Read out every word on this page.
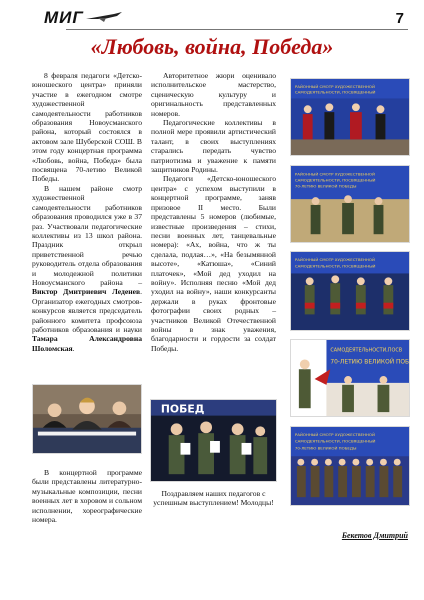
МИГ	7
«Любовь, война, Победа»

8 февраля педагоги «Детско-юношеского центра» приняли участие в ежегодном смотре художественной самодеятельности работников образования Новоусманского района, который состоялся в актовом зале Шуберской СОШ. В этом году концертная программа «Любовь, война, Победа» была посвящена 70-летию Великой Победы.

В нашем районе смотр художественной самодеятельности работников образования проводился уже в 37 раз. Участвовали педагогические коллективы из 13 школ района. Праздник открыл приветственной речью руководитель отдела образования и молодежной политики Новоусманского района – Виктор Дмитриевич Леденев. Организатор ежегодных смотров-конкурсов является председатель районного комитета профсоюза работников образования и науки Тамара Александровна Шоломская.

В концертной программе были представлены литературно-музыкальные композиции, песни военных лет в хоровом и сольном исполнении, хореографические номера.

Авторитетное жюри оценивало исполнительское мастерство, сценическую культуру и оригинальность представленных номеров.

Педагогические коллективы в полной мере проявили артистический талант, в своих выступлениях старались передать чувство патриотизма и уважение к памяти защитников Родины.

Педагоги «Детско-юношеского центра» с успехом выступили в концертной программе, заняв призовое II место. Были представлены 5 номеров (любимые, известные произведения – стихи, песни военных лет, танцевальные номера): «Ах, война, что ж ты сделала, подлая…», «На безымянной высоте», «Катюша», «Синий платочек», «Мой дед уходил на войну». Исполняя песню «Мой дед уходил на войну», наши конкурсанты держали в руках фронтовые фотографии своих родных – участников Великой Отечественной войны в знак уважения, благодарности и гордости за солдат Победы.

ПОБЕД

Поздравляем наших педагогов с успешным выступлением! Молодцы!

РАЙОННЫЙ СМОТР ХУДОЖЕСТВЕННОЙ
САМОДЕЯТЕЛЬНОСТИ, ПОСВЯЩЕННЫЙ
РАЙОННЫЙ СМОТР ХУДОЖЕСТВЕННОЙ
САМОДЕЯТЕЛЬНОСТИ, ПОСВЯЩЕННЫЙ
70-ЛЕТИЮ ВЕЛИКОЙ ПОБЕДЫ
РАЙОННЫЙ СМОТР ХУДОЖЕСТВЕННОЙ
САМОДЕЯТЕЛЬНОСТИ, ПОСВЯЩЕННЫЙ
САМОДЕЯТЕЛЬНОСТИ,ПОСВ
70-ЛЕТИЮ ВЕЛИКОЙ ПОБ
РАЙОННЫЙ СМОТР ХУДОЖЕСТВЕННОЙ
САМОДЕЯТЕЛЬНОСТИ, ПОСВЯЩЕННЫЙ
70-ЛЕТИЮ ВЕЛИКОЙ ПОБЕДЫ
Бекетов Дмитрий
